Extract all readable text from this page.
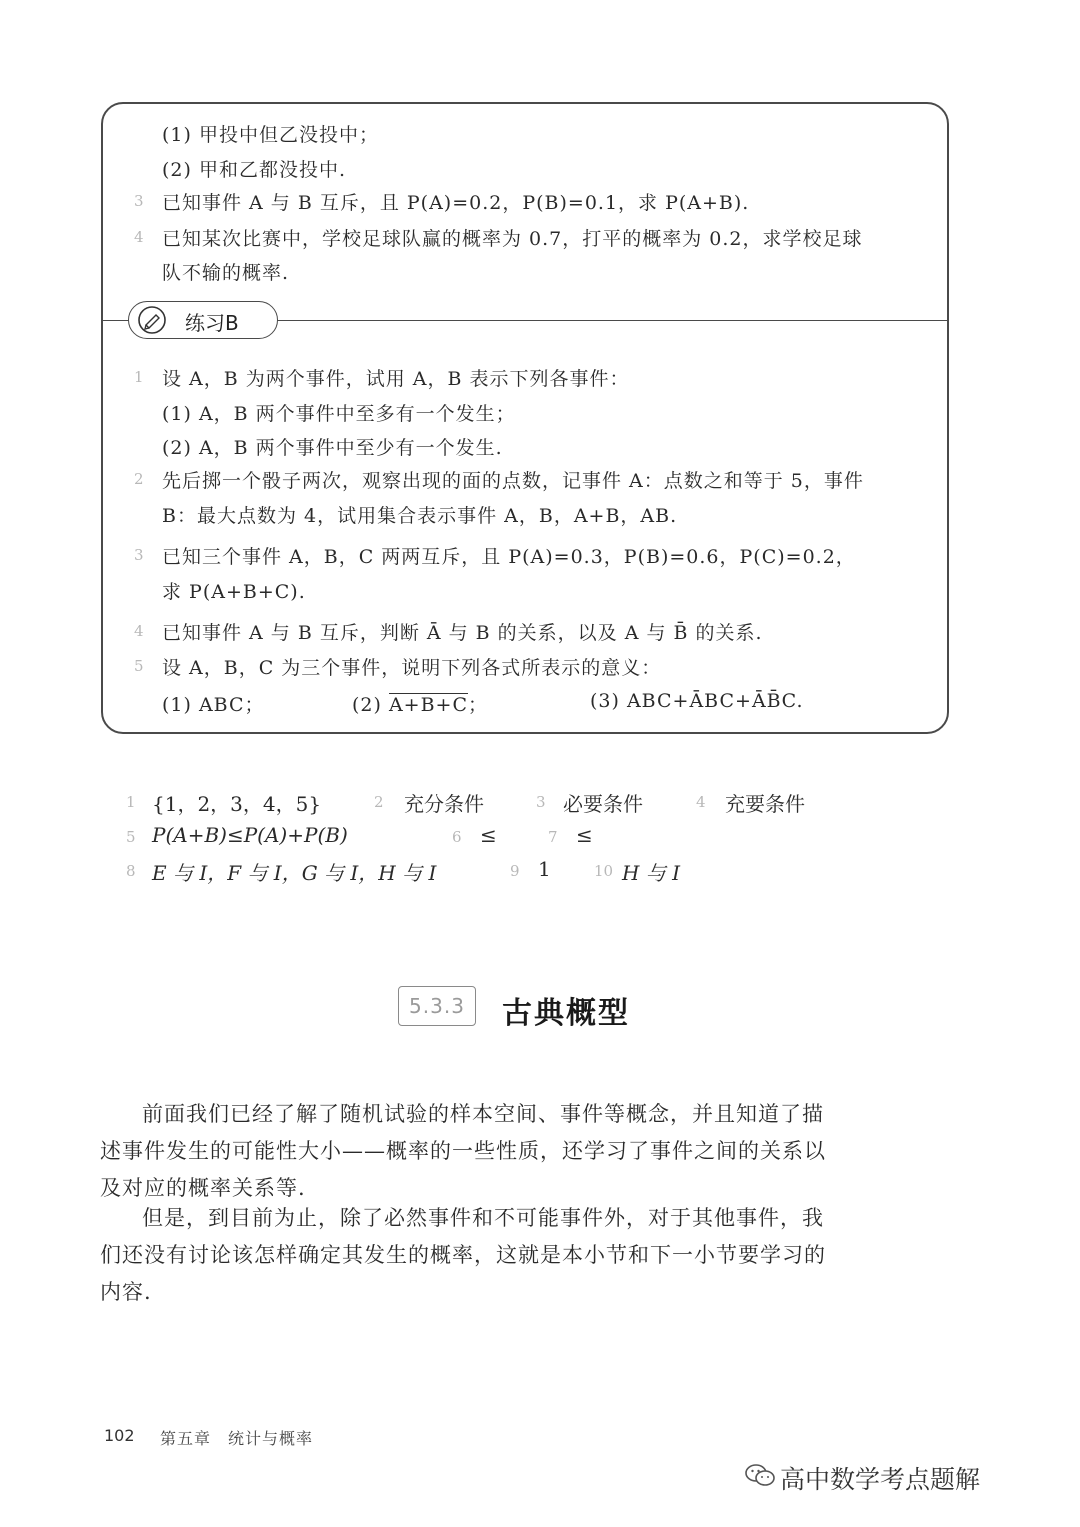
(1) 甲投中但乙没投中；
(2) 甲和乙都没投中.
3 已知事件 A 与 B 互斥，且 P(A)=0.2，P(B)=0.1，求 P(A+B).
4 已知某次比赛中，学校足球队赢的概率为 0.7，打平的概率为 0.2，求学校足球
队不输的概率.
练习B
1 设 A，B 为两个事件，试用 A，B 表示下列各事件：
(1) A，B 两个事件中至多有一个发生；
(2) A，B 两个事件中至少有一个发生.
2 先后掷一个骰子两次，观察出现的面的点数，记事件 A：点数之和等于 5，事件
B：最大点数为 4，试用集合表示事件 A，B，A+B，AB.
3 已知三个事件 A，B，C 两两互斥，且 P(A)=0.3，P(B)=0.6，P(C)=0.2，
求 P(A+B+C).
4 已知事件 A 与 B 互斥，判断 Ā 与 B 的关系，以及 A 与 B̄ 的关系.
5 设 A，B，C 为三个事件，说明下列各式所表示的意义：
(1) ABC；	(2) A+B+C；	(3) ABC+ĀBC+ĀB̄C.
1 {1，2，3，4，5}	2 充分条件	3 必要条件	4 充要条件
5 P(A+B)≤P(A)+P(B)	6 ≤	7 ≤
8 E 与 I，F 与 I，G 与 I，H 与 I	9 1	10 H 与 I
5.3.3	古典概型
前面我们已经了解了随机试验的样本空间、事件等概念，并且知道了描述事件发生的可能性大小——概率的一些性质，还学习了事件之间的关系以及对应的概率关系等.
但是，到目前为止，除了必然事件和不可能事件外，对于其他事件，我们还没有讨论该怎样确定其发生的概率，这就是本小节和下一小节要学习的内容.
102 第五章　统计与概率
高中数学考点题解
